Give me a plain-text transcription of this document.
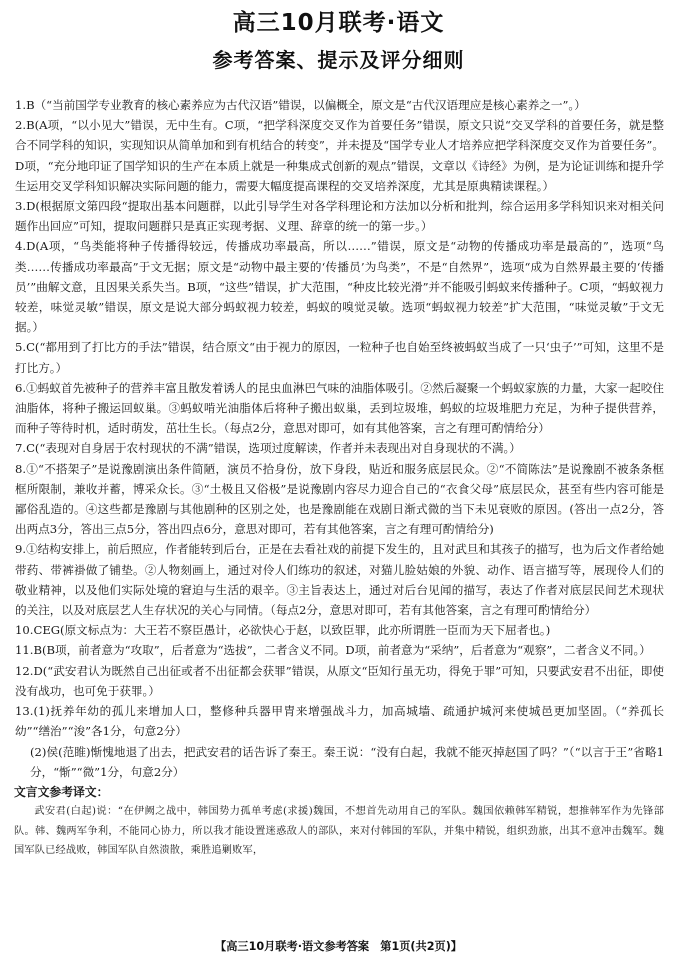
高三10月联考·语文
参考答案、提示及评分细则

1.B（“当前国学专业教育的核心素养应为古代汉语”错误，以偏概全，原文是“古代汉语理应是核心素养之一”。）

2.B(A项，“以小见大”错误，无中生有。C项，“把学科深度交叉作为首要任务”错误，原文只说“交叉学科的首要任务，就是整合不同学科的知识，实现知识从简单加和到有机结合的转变”，并未提及“国学专业人才培养应把学科深度交叉作为首要任务”。D项，“充分地印证了国学知识的生产在本质上就是一种集成式创新的观点”错误，文章以《诗经》为例，是为论证训练和提升学生运用交叉学科知识解决实际问题的能力，需要大幅度提高课程的交叉培养深度，尤其是原典精读课程。）

3.D(根据原文第四段“提取出基本问题群，以此引导学生对各学科理论和方法加以分析和批判，综合运用多学科知识来对相关问题作出回应”可知，提取问题群只是真正实现考据、义理、辞章的统一的第一步。）

4.D(A项，“鸟类能将种子传播得较远，传播成功率最高，所以……”错误，原文是“动物的传播成功率是最高的”，选项“鸟类……传播成功率最高”于文无据；原文是“动物中最主要的‘传播员’为鸟类”，不是“自然界”，选项“成为自然界最主要的‘传播员’”曲解文意，且因果关系失当。B项，“这些”错误，扩大范围，“种皮比较光滑”并不能吸引蚂蚁来传播种子。C项，“蚂蚁视力较差，味觉灵敏”错误，原文是说大部分蚂蚁视力较差，蚂蚁的嗅觉灵敏。选项“蚂蚁视力较差”扩大范围，“味觉灵敏”于文无据。）

5.C(“都用到了打比方的手法”错误，结合原文“由于视力的原因，一粒种子也自始至终被蚂蚁当成了一只‘虫子’”可知，这里不是打比方。）

6.①蚂蚁首先被种子的营养丰富且散发着诱人的昆虫血淋巴气味的油脂体吸引。②然后凝聚一个蚂蚁家族的力量，大家一起咬住油脂体，将种子搬运回蚁巢。③蚂蚁啃光油脂体后将种子搬出蚁巢，丢到垃圾堆，蚂蚁的垃圾堆肥力充足，为种子提供营养，而种子等待时机，适时萌发，茁壮生长。（每点2分，意思对即可，如有其他答案，言之有理可酌情给分）

7.C(“表现对自身居于农村现状的不满”错误，选项过度解读，作者并未表现出对自身现状的不满。）

8.①“不搭架子”是说豫剧演出条件简陋，演员不拾身份，放下身段，贴近和服务底层民众。②“不简陈法”是说豫剧不被条条框框所限制，兼收并蓄，博采众长。③“土极且又俗极”是说豫剧内容尽力迎合自己的“衣食父母”底层民众，甚至有些内容可能是鄙俗乱造的。④这些都是豫剧与其他剧种的区别之处，也是豫剧能在戏剧日渐式微的当下未见衰败的原因。(答出一点2分，答出两点3分，答出三点5分，答出四点6分，意思对即可，若有其他答案，言之有理可酌情给分)

9.①结构安排上，前后照应，作者能转到后台，正是在去看社戏的前提下发生的，且对武旦和其孩子的描写，也为后文作者给她带药、带裤褂做了铺垫。②人物刻画上，通过对伶人们练功的叙述，对猫儿脸姑娘的外貌、动作、语言描写等，展现伶人们的敬业精神，以及他们实际处境的窘迫与生活的艰辛。③主旨表达上，通过对后台见闻的描写，表达了作者对底层民间艺术现状的关注，以及对底层艺人生存状况的关心与同情。（每点2分，意思对即可，若有其他答案，言之有理可酌情给分）

10.CEG(原文标点为：大王若不察臣愚计，必欲快心于赵，以致臣罪，此亦所谓胜一臣而为天下屈者也。)

11.B(B项，前者意为“攻取”，后者意为“选拔”，二者含义不同。D项，前者意为“采纳”，后者意为“观察”，二者含义不同。）

12.D(“武安君认为既然自己出征或者不出征都会获罪”错误，从原文“臣知行虽无功，得免于罪”可知，只要武安君不出征，即使没有战功，也可免于获罪。）

13.(1)抚养年幼的孤儿来增加人口，整修种兵器甲胄来增强战斗力，加高城墙、疏通护城河来使城邑更加坚固。（“养孤长幼”“缮治”“浚”各1分，句意2分）

(2)侯(范睢)惭愧地退了出去，把武安君的话告诉了秦王。秦王说：“没有白起，我就不能灭掉赵国了吗？”（“以言于王”省略1分，“惭”“微”1分，句意2分）

文言文参考译文：

武安君(白起)说：“在伊阙之战中，韩国势力孤单考虑(求援)魏国，不想首先动用自己的军队。魏国依赖韩军精锐，想推韩军作为先锋部队。韩、魏两军争利，不能同心协力，所以我才能设置迷惑敌人的部队，来对付韩国的军队，并集中精锐，组织劲旅，出其不意冲击魏军。魏国军队已经战败，韩国军队自然溃散，乘胜追剿败军，

【高三10月联考·语文参考答案　第1页(共2页)】
